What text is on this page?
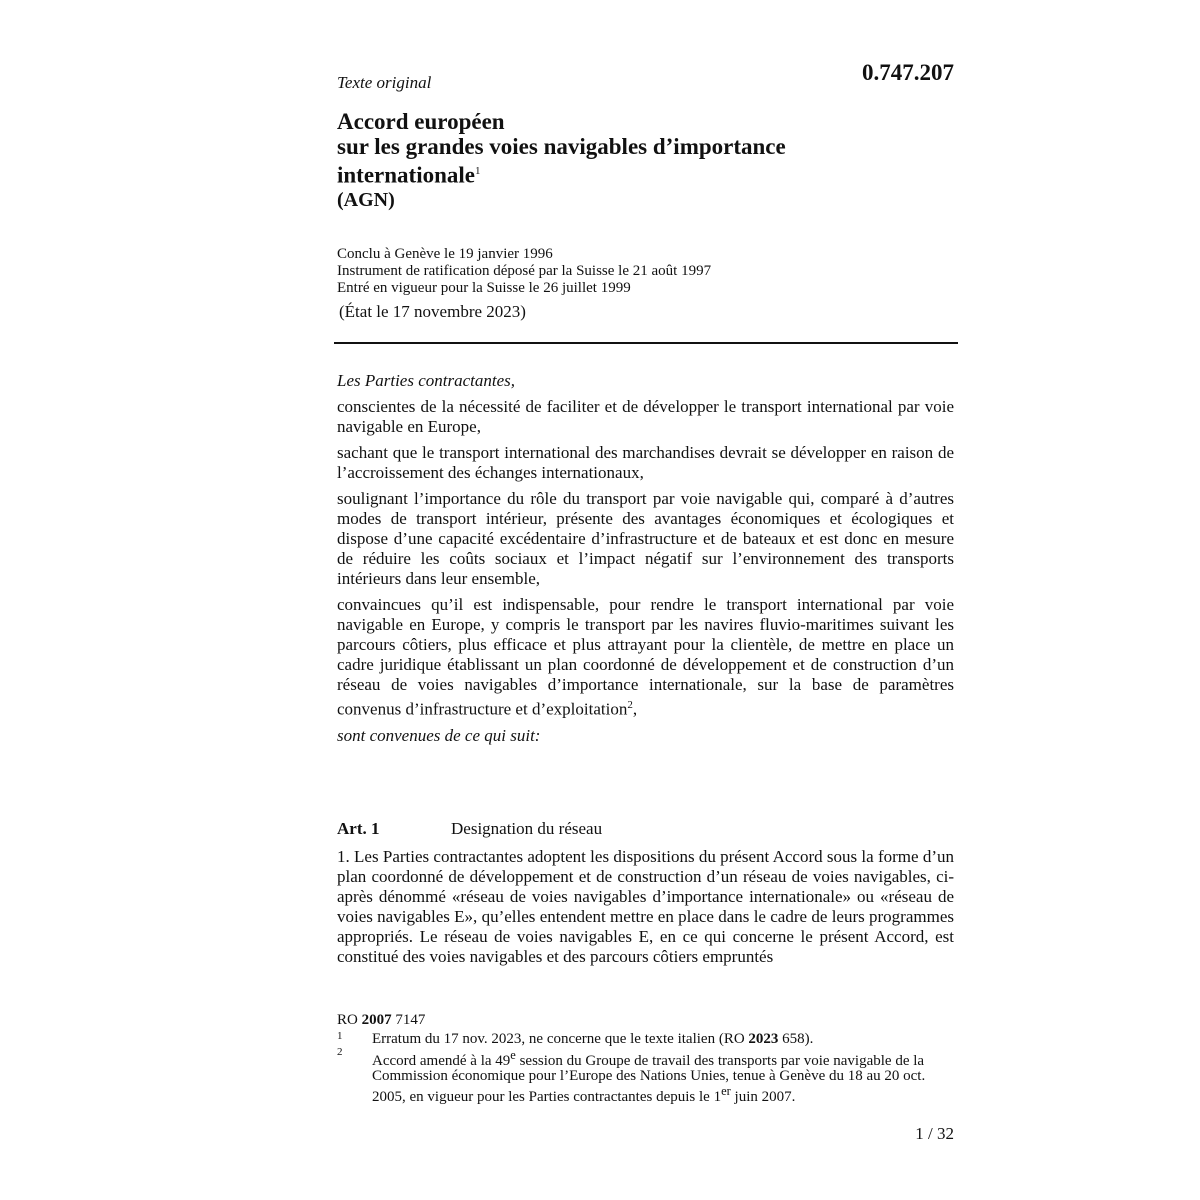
Texte original	0.747.207
Accord européen
sur les grandes voies navigables d’importance
internationale$^1$
(AGN)
Conclu à Genève le 19 janvier 1996
Instrument de ratification déposé par la Suisse le 21 août 1997
Entré en vigueur pour la Suisse le 26 juillet 1999
(État le 17 novembre 2023)

Les Parties contractantes,

conscientes de la nécessité de faciliter et de développer le transport international par voie navigable en Europe,

sachant que le transport international des marchandises devrait se développer en raison de l’accroissement des échanges internationaux,

soulignant l’importance du rôle du transport par voie navigable qui, comparé à d’autres modes de transport intérieur, présente des avantages économiques et écologiques et dispose d’une capacité excédentaire d’infrastructure et de bateaux et est donc en mesure de réduire les coûts sociaux et l’impact négatif sur l’environnement des transports intérieurs dans leur ensemble,

convaincues qu’il est indispensable, pour rendre le transport international par voie navigable en Europe, y compris le transport par les navires fluvio-maritimes suivant les parcours côtiers, plus efficace et plus attrayant pour la clientèle, de mettre en place un cadre juridique établissant un plan coordonné de développement et de construction d’un réseau de voies navigables d’importance internationale, sur la base de paramètres convenus d’infrastructure et d’exploitation$^2$,

sont convenues de ce qui suit:

Art. 1	Designation du réseau
1. Les Parties contractantes adoptent les dispositions du présent Accord sous la forme d’un plan coordonné de développement et de construction d’un réseau de voies navigables, ci-après dénommé «réseau de voies navigables d’importance internationale» ou «réseau de voies navigables E», qu’elles entendent mettre en place dans le cadre de leurs programmes appropriés. Le réseau de voies navigables E, en ce qui concerne le présent Accord, est constitué des voies navigables et des parcours côtiers empruntés
RO 2007 7147
1 Erratum du 17 nov. 2023, ne concerne que le texte italien (RO 2023 658).
2
Accord amendé à la 49e session du Groupe de travail des transports par voie navigable de la Commission économique pour l’Europe des Nations Unies, tenue à Genève du 18 au 20 oct. 2005, en vigueur pour les Parties contractantes depuis le 1er juin 2007.
1 / 32
